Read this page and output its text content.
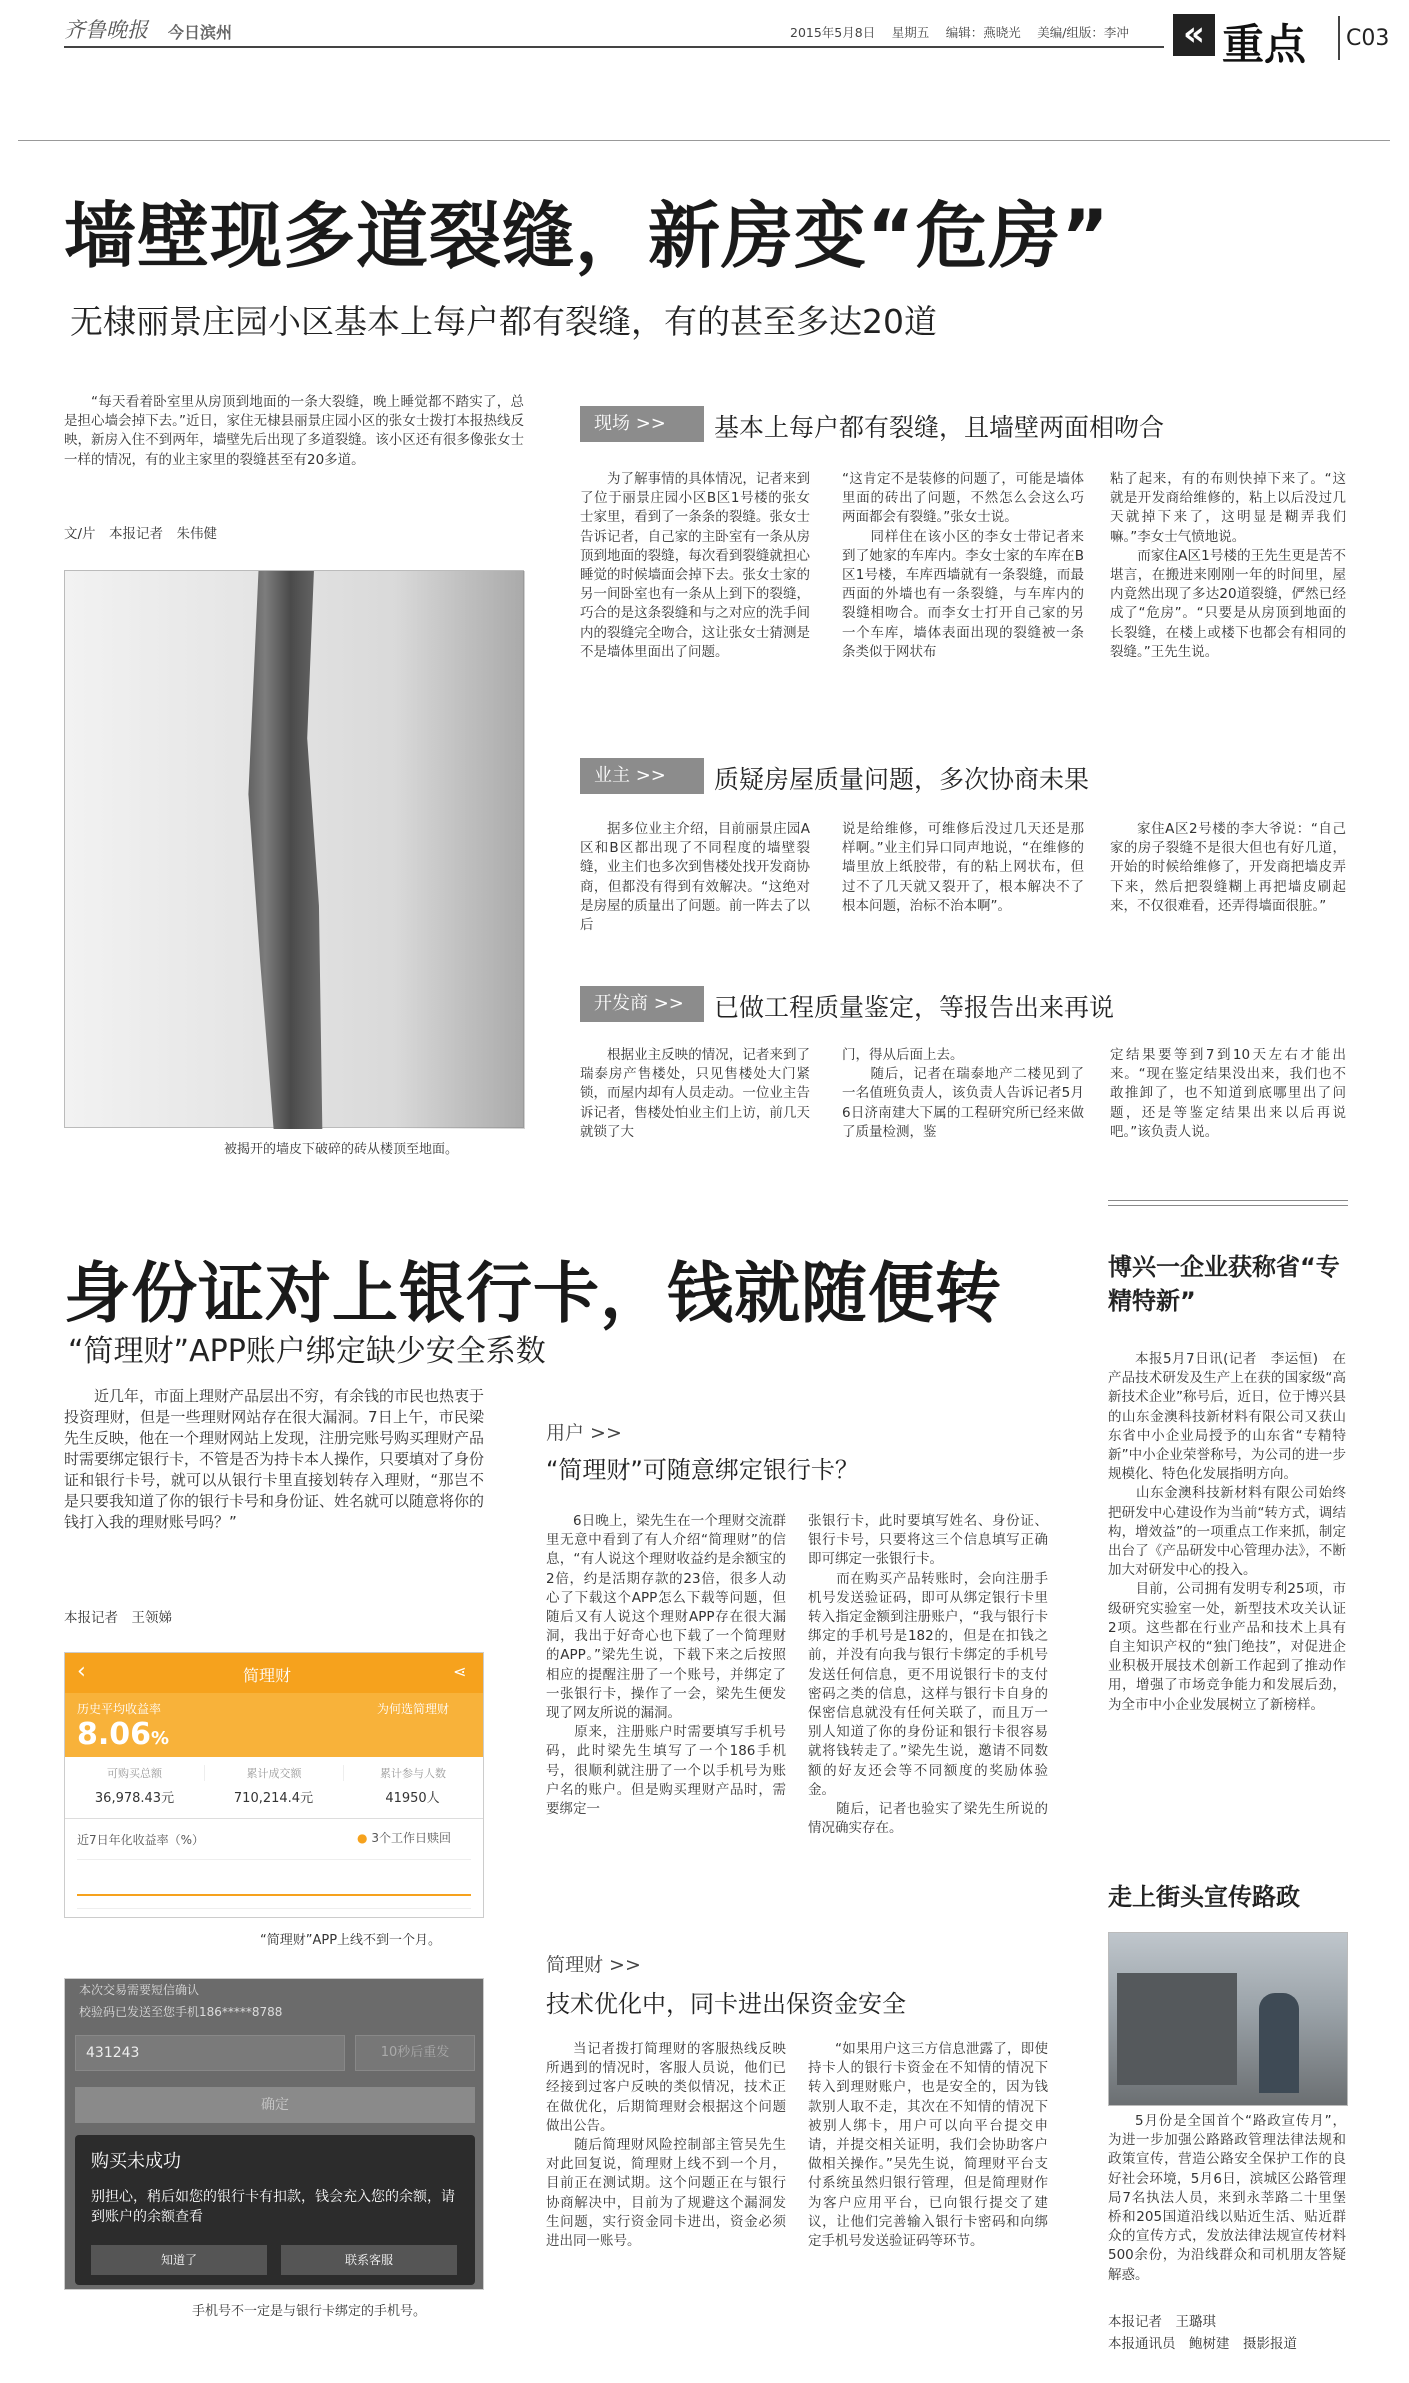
齐鲁晚报 今日滨州	2015年5月8日　 星期五　 编辑：燕晓光　 美编/组版：李冲 « 重点 C03
墙壁现多道裂缝，新房变“危房”
无棣丽景庄园小区基本上每户都有裂缝，有的甚至多达20道
“每天看着卧室里从房顶到地面的一条大裂缝，晚上睡觉都不踏实了，总是担心墙会掉下去。”近日，家住无棣县丽景庄园小区的张女士拨打本报热线反映，新房入住不到两年，墙壁先后出现了多道裂缝。该小区还有很多像张女士一样的情况，有的业主家里的裂缝甚至有20多道。
文/片　本报记者　朱伟健
被揭开的墙皮下破碎的砖从楼顶至地面。
现场 >>	基本上每户都有裂缝，且墙壁两面相吻合
为了解事情的具体情况，记者来到了位于丽景庄园小区B区1号楼的张女士家里，看到了一条条的裂缝。张女士告诉记者，自己家的主卧室有一条从房顶到地面的裂缝，每次看到裂缝就担心睡觉的时候墙面会掉下去。张女士家的另一间卧室也有一条从上到下的裂缝，巧合的是这条裂缝和与之对应的洗手间内的裂缝完全吻合，这让张女士猜测是不是墙体里面出了问题。
“这肯定不是装修的问题了，可能是墙体里面的砖出了问题，不然怎么会这么巧两面都会有裂缝。”张女士说。
　　同样住在该小区的李女士带记者来到了她家的车库内。李女士家的车库在B区1号楼，车库西墙就有一条裂缝，而最西面的外墙也有一条裂缝，与车库内的裂缝相吻合。而李女士打开自己家的另一个车库，墙体表面出现的裂缝被一条条类似于网状布
粘了起来，有的布则快掉下来了。“这就是开发商给维修的，粘上以后没过几天就掉下来了，这明显是糊弄我们嘛。”李女士气愤地说。
　　而家住A区1号楼的王先生更是苦不堪言，在搬进来刚刚一年的时间里，屋内竟然出现了多达20道裂缝，俨然已经成了“危房”。“只要是从房顶到地面的长裂缝，在楼上或楼下也都会有相同的裂缝。”王先生说。
业主 >>	质疑房屋质量问题，多次协商未果
据多位业主介绍，目前丽景庄园A区和B区都出现了不同程度的墙壁裂缝，业主们也多次到售楼处找开发商协商，但都没有得到有效解决。“这绝对是房屋的质量出了问题。前一阵去了以后
说是给维修，可维修后没过几天还是那样啊。”业主们异口同声地说，“在维修的墙里放上纸胶带，有的粘上网状布，但过不了几天就又裂开了，根本解决不了根本问题，治标不治本啊”。
家住A区2号楼的李大爷说：“自己家的房子裂缝不是很大但也有好几道，开始的时候给维修了，开发商把墙皮弄下来，然后把裂缝糊上再把墙皮刷起来，不仅很难看，还弄得墙面很脏。”
开发商 >>	已做工程质量鉴定，等报告出来再说
根据业主反映的情况，记者来到了瑞泰房产售楼处，只见售楼处大门紧锁，而屋内却有人员走动。一位业主告诉记者，售楼处怕业主们上访，前几天就锁了大
门，得从后面上去。
　　随后，记者在瑞泰地产二楼见到了一名值班负责人，该负责人告诉记者5月6日济南建大下属的工程研究所已经来做了质量检测，鉴
定结果要等到7到10天左右才能出来。“现在鉴定结果没出来，我们也不敢推卸了，也不知道到底哪里出了问题，还是等鉴定结果出来以后再说吧。”该负责人说。
身份证对上银行卡，钱就随便转
“简理财”APP账户绑定缺少安全系数
近几年，市面上理财产品层出不穷，有余钱的市民也热衷于投资理财，但是一些理财网站存在很大漏洞。7日上午，市民梁先生反映，他在一个理财网站上发现，注册完账号购买理财产品时需要绑定银行卡，不管是否为持卡本人操作，只要填对了身份证和银行卡号，就可以从银行卡里直接划转存入理财，“那岂不是只要我知道了你的银行卡号和身份证、姓名就可以随意将你的钱打入我的理财账号吗？”
本报记者　王领娣
‹	简理财	⋖
历史平均收益率	为何选简理财
8.06%
可购买总额
36,978.43元
累计成交额
710,214.4元
累计参与人数
41950人
近7日年化收益率（%）	● 3个工作日赎回
“简理财”APP上线不到一个月。
本次交易需要短信确认
校验码已发送至您手机186*****8788
431243	10秒后重发
确定
购买未成功
别担心，稍后如您的银行卡有扣款，钱会充入您的余额，请到账户的余额查看
知道了	联系客服
手机号不一定是与银行卡绑定的手机号。
用户 >>
“简理财”可随意绑定银行卡？
6日晚上，梁先生在一个理财交流群里无意中看到了有人介绍“简理财”的信息，“有人说这个理财收益约是余额宝的2倍，约是活期存款的23倍，很多人动心了下载这个APP怎么下载等问题，但随后又有人说这个理财APP存在很大漏洞，我出于好奇心也下载了一个简理财的APP。”梁先生说，下载下来之后按照相应的提醒注册了一个账号，并绑定了一张银行卡，操作了一会，梁先生便发现了网友所说的漏洞。
　　原来，注册账户时需要填写手机号码，此时梁先生填写了一个186手机号，很顺利就注册了一个以手机号为账户名的账户。但是购买理财产品时，需要绑定一
张银行卡，此时要填写姓名、身份证、银行卡号，只要将这三个信息填写正确即可绑定一张银行卡。
　　而在购买产品转账时，会向注册手机号发送验证码，即可从绑定银行卡里转入指定金额到注册账户，“我与银行卡绑定的手机号是182的，但是在扣钱之前，并没有向我与银行卡绑定的手机号发送任何信息，更不用说银行卡的支付密码之类的信息，这样与银行卡自身的保密信息就没有任何关联了，而且万一别人知道了你的身份证和银行卡很容易就将钱转走了。”梁先生说，邀请不同数额的好友还会等不同额度的奖励体验金。
　　随后，记者也验实了梁先生所说的情况确实存在。
简理财 >>
技术优化中，同卡进出保资金安全
当记者拨打简理财的客服热线反映所遇到的情况时，客服人员说，他们已经接到过客户反映的类似情况，技术正在做优化，后期简理财会根据这个问题做出公告。
　　随后简理财风险控制部主管吴先生对此回复说，简理财上线不到一个月，目前正在测试期。这个问题正在与银行协商解决中，目前为了规避这个漏洞发生问题，实行资金同卡进出，资金必须进出同一账号。
“如果用户这三方信息泄露了，即使持卡人的银行卡资金在不知情的情况下转入到理财账户，也是安全的，因为钱款别人取不走，其次在不知情的情况下被别人绑卡，用户可以向平台提交申请，并提交相关证明，我们会协助客户做相关操作。”吴先生说，简理财平台支付系统虽然归银行管理，但是简理财作为客户应用平台，已向银行提交了建议，让他们完善输入银行卡密码和向绑定手机号发送验证码等环节。
博兴一企业获称省“专精特新”
本报5月7日讯(记者　李运恒)　在产品技术研发及生产上在获的国家级“高新技术企业”称号后，近日，位于博兴县的山东金澳科技新材料有限公司又获山东省中小企业局授予的山东省“专精特新”中小企业荣誉称号，为公司的进一步规模化、特色化发展指明方向。
　　山东金澳科技新材料有限公司始终把研发中心建设作为当前“转方式，调结构，增效益”的一项重点工作来抓，制定出台了《产品研发中心管理办法》，不断加大对研发中心的投入。
　　目前，公司拥有发明专利25项，市级研究实验室一处，新型技术攻关认证2项。这些都在行业产品和技术上具有自主知识产权的“独门绝技”，对促进企业积极开展技术创新工作起到了推动作用，增强了市场竞争能力和发展后劲，为全市中小企业发展树立了新榜样。
走上街头宣传路政
5月份是全国首个“路政宣传月”，为进一步加强公路路政管理法律法规和政策宣传，营造公路安全保护工作的良好社会环境，5月6日，滨城区公路管理局7名执法人员，来到永莘路二十里堡桥和205国道沿线以贴近生活、贴近群众的宣传方式，发放法律法规宣传材料500余份，为沿线群众和司机朋友答疑解惑。
本报记者　王璐琪
本报通讯员　鲍树建　摄影报道
